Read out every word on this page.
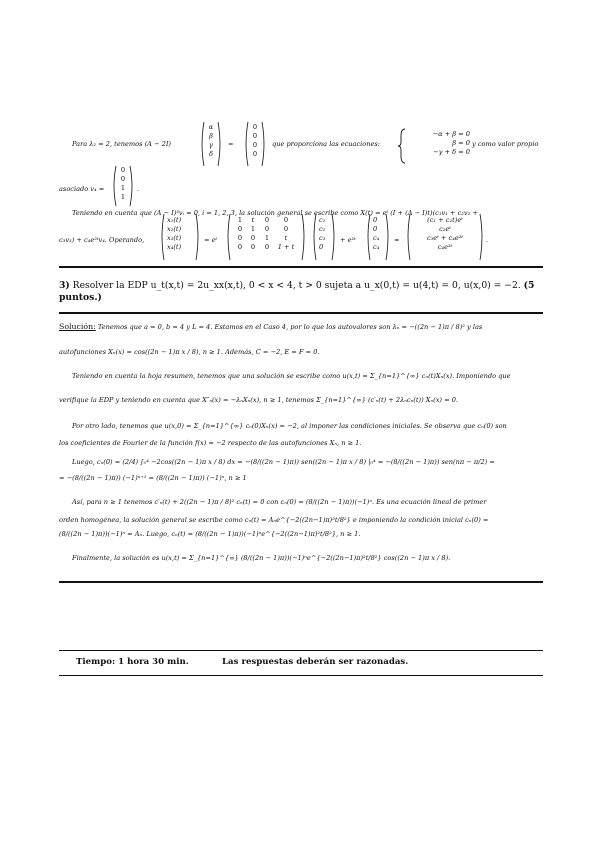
Para λ₂ = 2, tenemos (A − 2I)
α
β
γ
δ
=
0
0
0
0
que proporciona las ecuaciones:
−α + β = 0
β = 0
−γ + δ = 0
y como valor propio
asociado v₄ =
0
0
1
1
.
Teniendo en cuenta que (A − I)³vᵢ = 0, i = 1, 2, 3, la solución general se escribe como X(t) = eᵗ (I + (A − I)t)(c₁v₁ + c₂v₂ +
c₃v₃) + c₄e²ᵗv₄. Operando,
x₁(t)
x₂(t)
x₃(t)
x₄(t)
= eᵗ
1	t	0	0
0	1	0	0
0	0	1	t
0	0	0	1 + t
c₁
c₂
c₃
0
+ e²ᵗ
0
0
c₄
c₄
=
(c₁ + c₂t)eᵗ
c₂eᵗ
c₃eᵗ + c₄e²ᵗ
c₄e²ᵗ
.
3) Resolver la EDP u_t(x,t) = 2u_xx(x,t), 0 < x < 4, t > 0 sujeta a u_x(0,t) = u(4,t) = 0, u(x,0) = −2. (5 puntos.)
Solución: Tenemos que a = 0, b = 4 y L = 4. Estamos en el Caso 4, por lo que los autovalores son λₙ = −((2n − 1)π / 8)² y las
autofunciones Xₙ(x) = cos((2n − 1)π x / 8), n ≥ 1. Además, C = −2, E = F = 0.
Teniendo en cuenta la hoja resumen, tenemos que una solución se escribe como u(x,t) = Σ_{n=1}^{∞} cₙ(t)Xₙ(x). Imponiendo que
verifique la EDP y teniendo en cuenta que X″ₙ(x) = −λₙXₙ(x), n ≥ 1, tenemos Σ_{n=1}^{∞} (c′ₙ(t) + 2λₙcₙ(t)) Xₙ(x) = 0.
Por otro lado, tenemos que u(x,0) = Σ_{n=1}^{∞} cₙ(0)Xₙ(x) = −2, al imponer las condiciones iniciales. Se observa que cₙ(0) son
los coeficientes de Fourier de la función f(x) = −2 respecto de las autofunciones Xₙ, n ≥ 1.
Luego, cₙ(0) = (2/4) ∫₀⁴ −2cos((2n − 1)π x / 8) dx = −(8/((2n − 1)π)) sen((2n − 1)π x / 8) |₀⁴ = −(8/((2n − 1)π)) sen(nπ − π/2) =
= −(8/((2n − 1)π)) (−1)ⁿ⁺¹ = (8/((2n − 1)π)) (−1)ⁿ, n ≥ 1
Así, para n ≥ 1 tenemos c′ₙ(t) + 2((2n − 1)π / 8)² cₙ(t) = 0 con cₙ(0) = (8/((2n − 1)π))(−1)ⁿ. Es una ecuación lineal de primer
orden homogénea, la solución general se escribe como cₙ(t) = Aₙe^{−2((2n−1)π)²t/8²} e imponiendo la condición inicial cₙ(0) =
(8/((2n − 1)π))(−1)ⁿ = Aₙ. Luego, cₙ(t) = (8/((2n − 1)π))(−1)ⁿe^{−2((2n−1)π)²t/8²}, n ≥ 1.
Finalmente, la solución es u(x,t) = Σ_{n=1}^{∞} (8/((2n − 1)π))(−1)ⁿe^{−2((2n−1)π)²t/8²} cos((2n − 1)π x / 8).
Tiempo: 1 hora 30 min.	Las respuestas deberán ser razonadas.
